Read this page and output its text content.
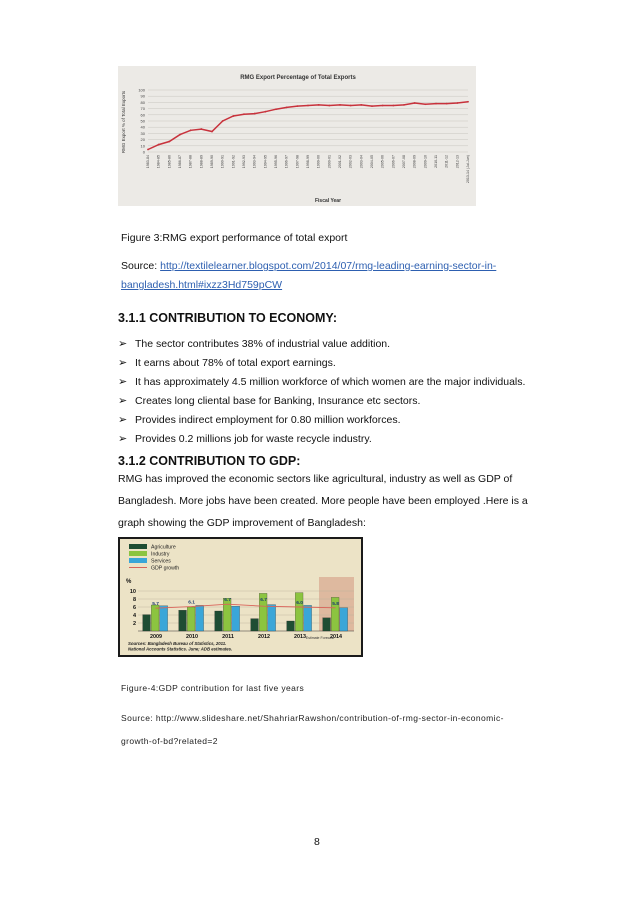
RMG Export Percentage of Total Exports
RMG Export % of Total Exports
Fiscal Year
0
10
20
30
40
50
60
70
80
90
100
1983-84 1984-85 1985-86 1986-87 1987-88 1988-89 1989-90 1990-91 1991-92 1992-93 1993-94 1994-95 1995-96 1996-97 1997-98 1998-99 1999-00 2000-01 2001-02 2002-03 2003-04 2004-05 2005-06 2006-07 2007-08 2008-09 2009-10 2010-11 2011-12 2012-13 2013-14 (Jul-Jun)
Figure 3:RMG export performance of total export
Source: http://textilelearner.blogspot.com/2014/07/rmg-leading-earning-sector-in-
bangladesh.html#ixzz3Hd759pCW
3.1.1 CONTRIBUTION TO ECONOMY:
➢ The sector contributes 38% of industrial value addition.
➢ It earns about 78% of total export earnings.
➢ It has approximately 4.5 million workforce of which women are the major individuals.
➢ Creates long cliental base for Banking, Insurance etc sectors.
➢ Provides indirect employment for 0.80 million workforces.
➢ Provides 0.2 millions job for waste recycle industry.
3.1.2 CONTRIBUTION TO GDP:
RMG has improved the economic sectors like agricultural, industry as well as GDP of
Bangladesh. More jobs have been created. More people have been employed .Here is a
graph showing the GDP improvement of Bangladesh:
Agriculture
Industry
Services
GDP growth
%
2
4
6
8
10
5.7
2009
6.1
2010
6.7
2011
6.7
2012
6.0
2013
5.8
2014
Estimate Forecast
Sources: Bangladesh Bureau of Statistics, 2011. National Accounts Statistics. June; ADB estimates.
Figure-4:GDP contribution for last five years
Source: http://www.slideshare.net/ShahriarRawshon/contribution-of-rmg-sector-in-economic-
growth-of-bd?related=2
8
